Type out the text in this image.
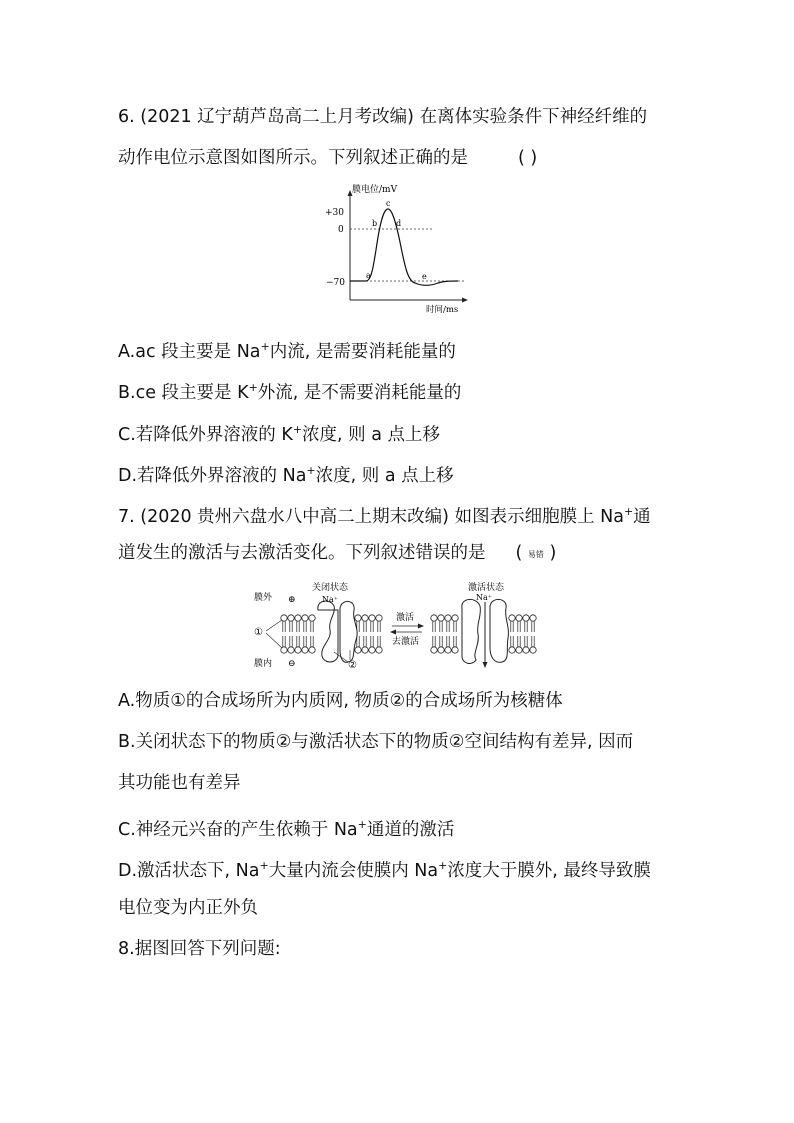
6. (2021 辽宁葫芦岛高二上月考改编) 在离体实验条件下神经纤维的
动作电位示意图如图所示。下列叙述正确的是	( )
膜电位/mV
时间/ms
+30
0
−70
a
b
c
d
e
A.ac 段主要是 Na+内流, 是需要消耗能量的
B.ce 段主要是 K+外流, 是不需要消耗能量的
C.若降低外界溶液的 K+浓度, 则 a 点上移
D.若降低外界溶液的 Na+浓度, 则 a 点上移
7. (2020 贵州六盘水八中高二上期末改编) 如图表示细胞膜上 Na+通
道发生的激活与去激活变化。下列叙述错误的是 ( 易错 )
膜外
膜内
⊕
⊖
①
关闭状态
Na⁺
②
激活
去激活
激活状态
Na⁺
A.物质①的合成场所为内质网, 物质②的合成场所为核糖体
B.关闭状态下的物质②与激活状态下的物质②空间结构有差异, 因而
其功能也有差异
C.神经元兴奋的产生依赖于 Na+通道的激活
D.激活状态下, Na+大量内流会使膜内 Na+浓度大于膜外, 最终导致膜
电位变为内正外负
8.据图回答下列问题:
